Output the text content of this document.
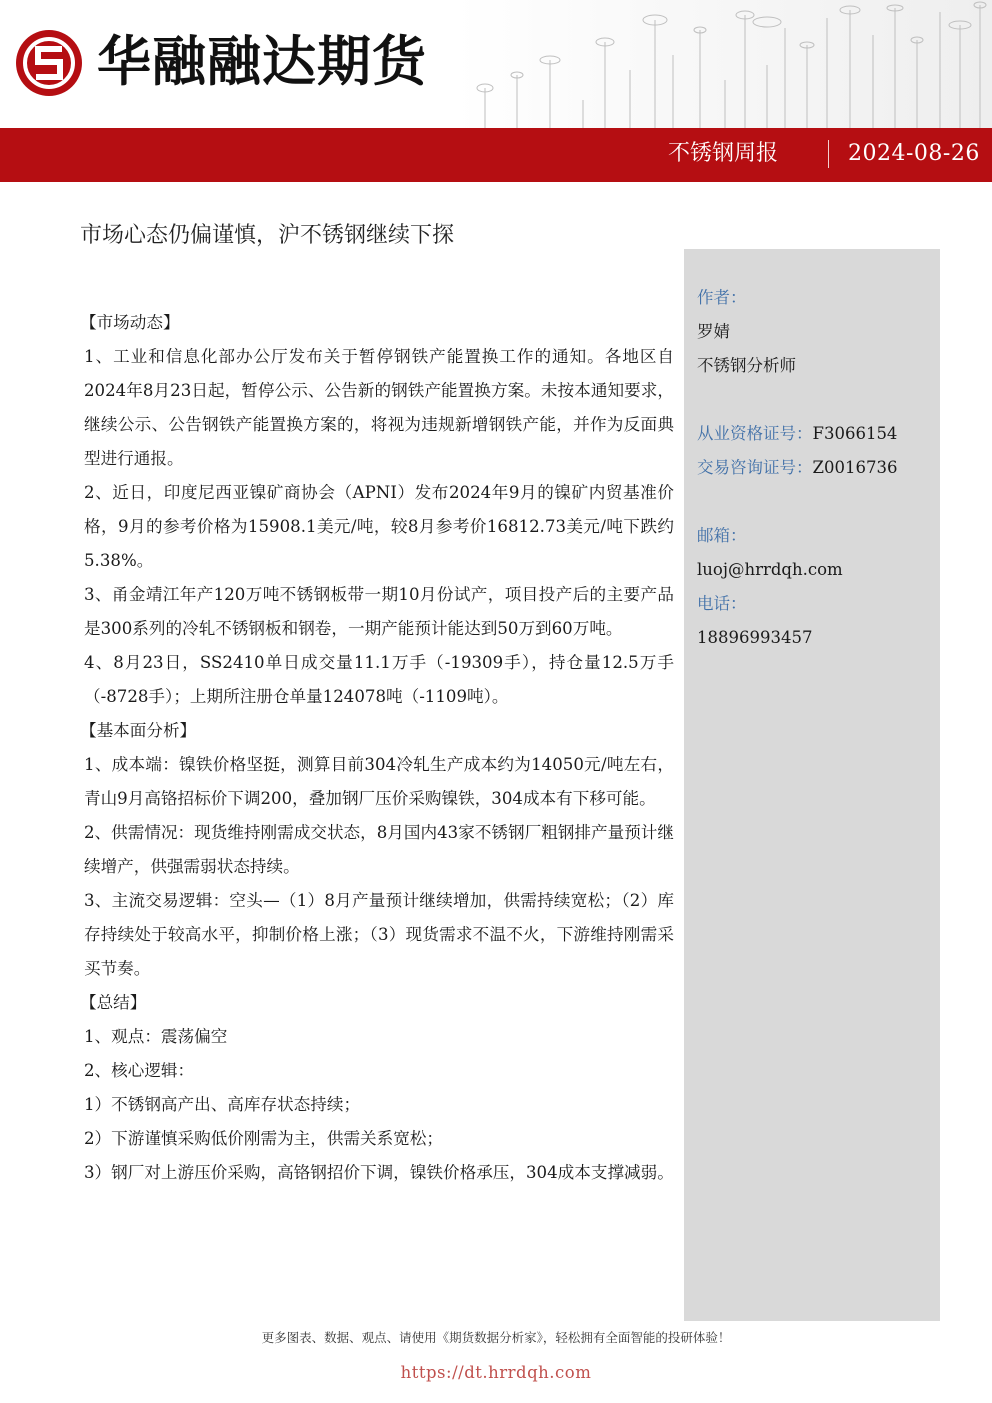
华融融达期货
不锈钢周报	2024-08-26
市场心态仍偏谨慎，沪不锈钢继续下探

【市场动态】

1、工业和信息化部办公厅发布关于暂停钢铁产能置换工作的通知。各地区自2024年8月23日起，暂停公示、公告新的钢铁产能置换方案。未按本通知要求，继续公示、公告钢铁产能置换方案的，将视为违规新增钢铁产能，并作为反面典型进行通报。

2、近日，印度尼西亚镍矿商协会（APNI）发布2024年9月的镍矿内贸基准价格，9月的参考价格为15908.1美元/吨，较8月参考价16812.73美元/吨下跌约5.38%。

3、甬金靖江年产120万吨不锈钢板带一期10月份试产，项目投产后的主要产品是300系列的冷轧不锈钢板和钢卷，一期产能预计能达到50万到60万吨。

4、8月23日，SS2410单日成交量11.1万手（-19309手），持仓量12.5万手（-8728手）；上期所注册仓单量124078吨（-1109吨）。

【基本面分析】

1、成本端：镍铁价格坚挺，测算目前304冷轧生产成本约为14050元/吨左右，青山9月高铬招标价下调200，叠加钢厂压价采购镍铁，304成本有下移可能。

2、供需情况：现货维持刚需成交状态，8月国内43家不锈钢厂粗钢排产量预计继续增产，供强需弱状态持续。

3、主流交易逻辑：空头—（1）8月产量预计继续增加，供需持续宽松；（2）库存持续处于较高水平，抑制价格上涨；（3）现货需求不温不火，下游维持刚需采买节奏。

【总结】

1、观点：震荡偏空

2、核心逻辑：

1）不锈钢高产出、高库存状态持续；

2）下游谨慎采购低价刚需为主，供需关系宽松；

3）钢厂对上游压价采购，高铬钢招价下调，镍铁价格承压，304成本支撑减弱。

作者：
罗婧
不锈钢分析师
从业资格证号：F3066154
交易咨询证号：Z0016736
邮箱：
luoj@hrrdqh.com
电话：
18896993457
更多图表、数据、观点、请使用《期货数据分析家》，轻松拥有全面智能的投研体验！
https://dt.hrrdqh.com
